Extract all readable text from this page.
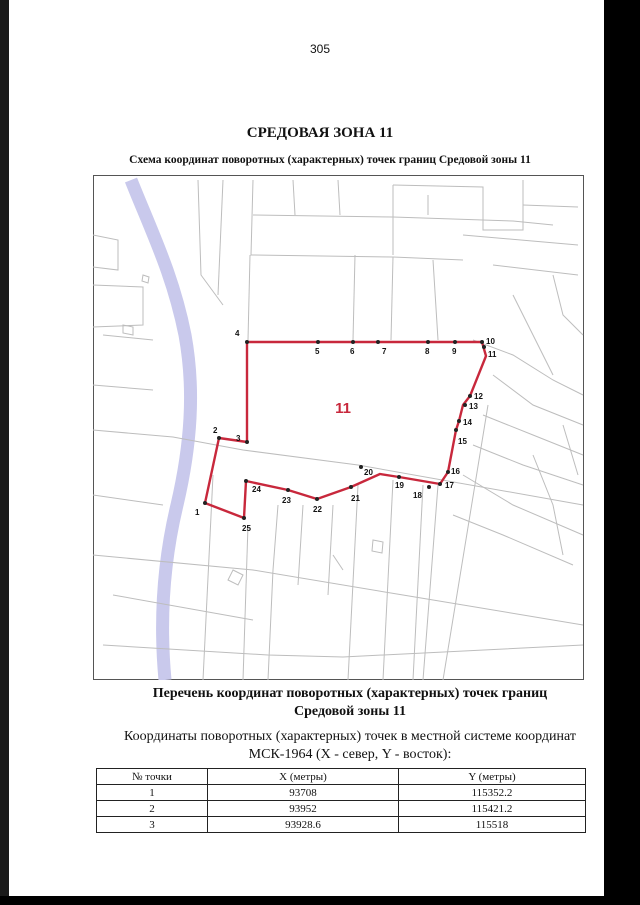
305
СРЕДОВАЯ ЗОНА 11
Схема координат поворотных (характерных) точек границ Средовой зоны 11
1
2
3
4
5	6	7	8	9
10
11
12
13
14
15
16
17
18
19
20
21
22
23
24
25
11
Перечень координат поворотных (характерных) точек границ
Средовой зоны 11
Координаты поворотных (характерных) точек в местной системе координат
МСК-1964 (X - север, Y - восток):
№ точки	X (метры)	Y (метры)
1	93708	115352.2
2	93952	115421.2
3	93928.6	115518
